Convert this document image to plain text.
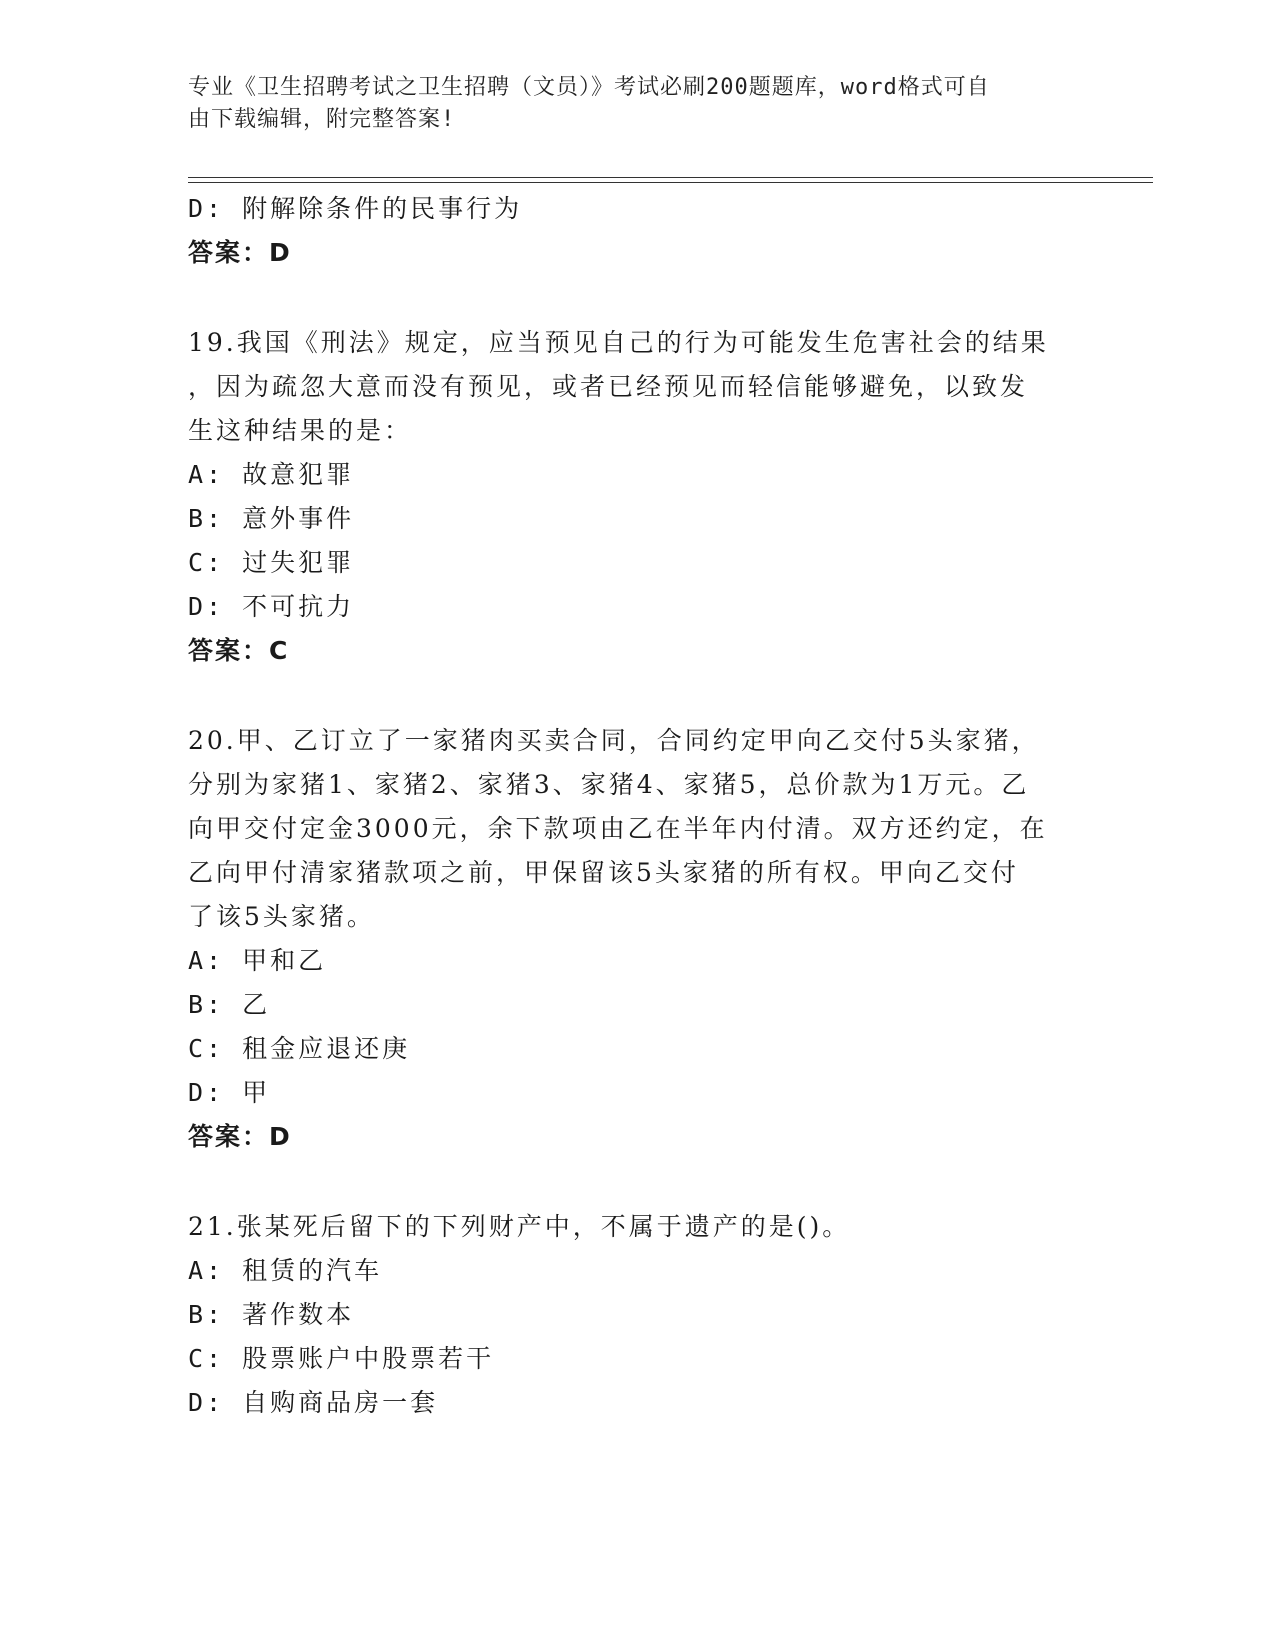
专业《卫生招聘考试之卫生招聘（文员）》考试必刷200题题库，word格式可自
由下载编辑，附完整答案!
D: 附解除条件的民事行为
答案：D
19.我国《刑法》规定，应当预见自己的行为可能发生危害社会的结果
，因为疏忽大意而没有预见，或者已经预见而轻信能够避免，以致发
生这种结果的是：
A: 故意犯罪
B: 意外事件
C: 过失犯罪
D: 不可抗力
答案：C
20.甲、乙订立了一家猪肉买卖合同，合同约定甲向乙交付5头家猪，
分别为家猪1、家猪2、家猪3、家猪4、家猪5，总价款为1万元。乙
向甲交付定金3000元，余下款项由乙在半年内付清。双方还约定，在
乙向甲付清家猪款项之前，甲保留该5头家猪的所有权。甲向乙交付
了该5头家猪。
A: 甲和乙
B: 乙
C: 租金应退还庚
D: 甲
答案：D
21.张某死后留下的下列财产中，不属于遗产的是()。
A: 租赁的汽车
B: 著作数本
C: 股票账户中股票若干
D: 自购商品房一套
